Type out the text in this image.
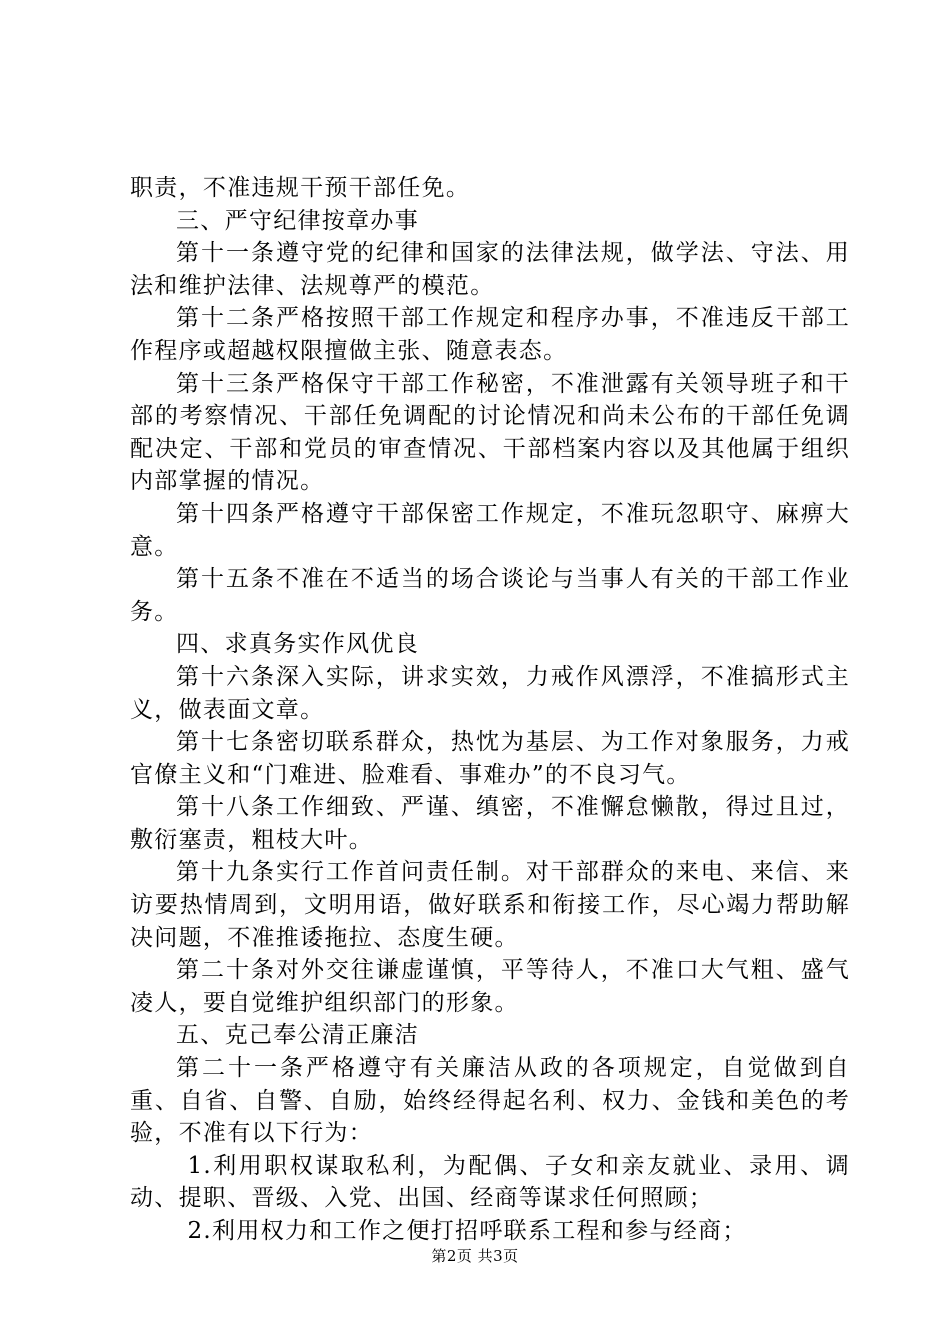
职责，不准违规干预干部任免。

三、严守纪律按章办事

第十一条遵守党的纪律和国家的法律法规，做学法、守法、用法和维护法律、法规尊严的模范。

第十二条严格按照干部工作规定和程序办事，不准违反干部工作程序或超越权限擅做主张、随意表态。

第十三条严格保守干部工作秘密，不准泄露有关领导班子和干部的考察情况、干部任免调配的讨论情况和尚未公布的干部任免调配决定、干部和党员的审查情况、干部档案内容以及其他属于组织内部掌握的情况。

第十四条严格遵守干部保密工作规定，不准玩忽职守、麻痹大意。

第十五条不准在不适当的场合谈论与当事人有关的干部工作业务。

四、求真务实作风优良

第十六条深入实际，讲求实效，力戒作风漂浮，不准搞形式主义，做表面文章。

第十七条密切联系群众，热忱为基层、为工作对象服务，力戒官僚主义和“门难进、脸难看、事难办”的不良习气。

第十八条工作细致、严谨、缜密，不准懈怠懒散，得过且过，敷衍塞责，粗枝大叶。

第十九条实行工作首问责任制。对干部群众的来电、来信、来访要热情周到，文明用语，做好联系和衔接工作，尽心竭力帮助解决问题，不准推诿拖拉、态度生硬。

第二十条对外交往谦虚谨慎，平等待人，不准口大气粗、盛气凌人，要自觉维护组织部门的形象。

五、克己奉公清正廉洁

第二十一条严格遵守有关廉洁从政的各项规定，自觉做到自重、自省、自警、自励，始终经得起名利、权力、金钱和美色的考验，不准有以下行为：

1.利用职权谋取私利，为配偶、子女和亲友就业、录用、调动、提职、晋级、入党、出国、经商等谋求任何照顾；

2.利用权力和工作之便打招呼联系工程和参与经商；

第2页 共3页
